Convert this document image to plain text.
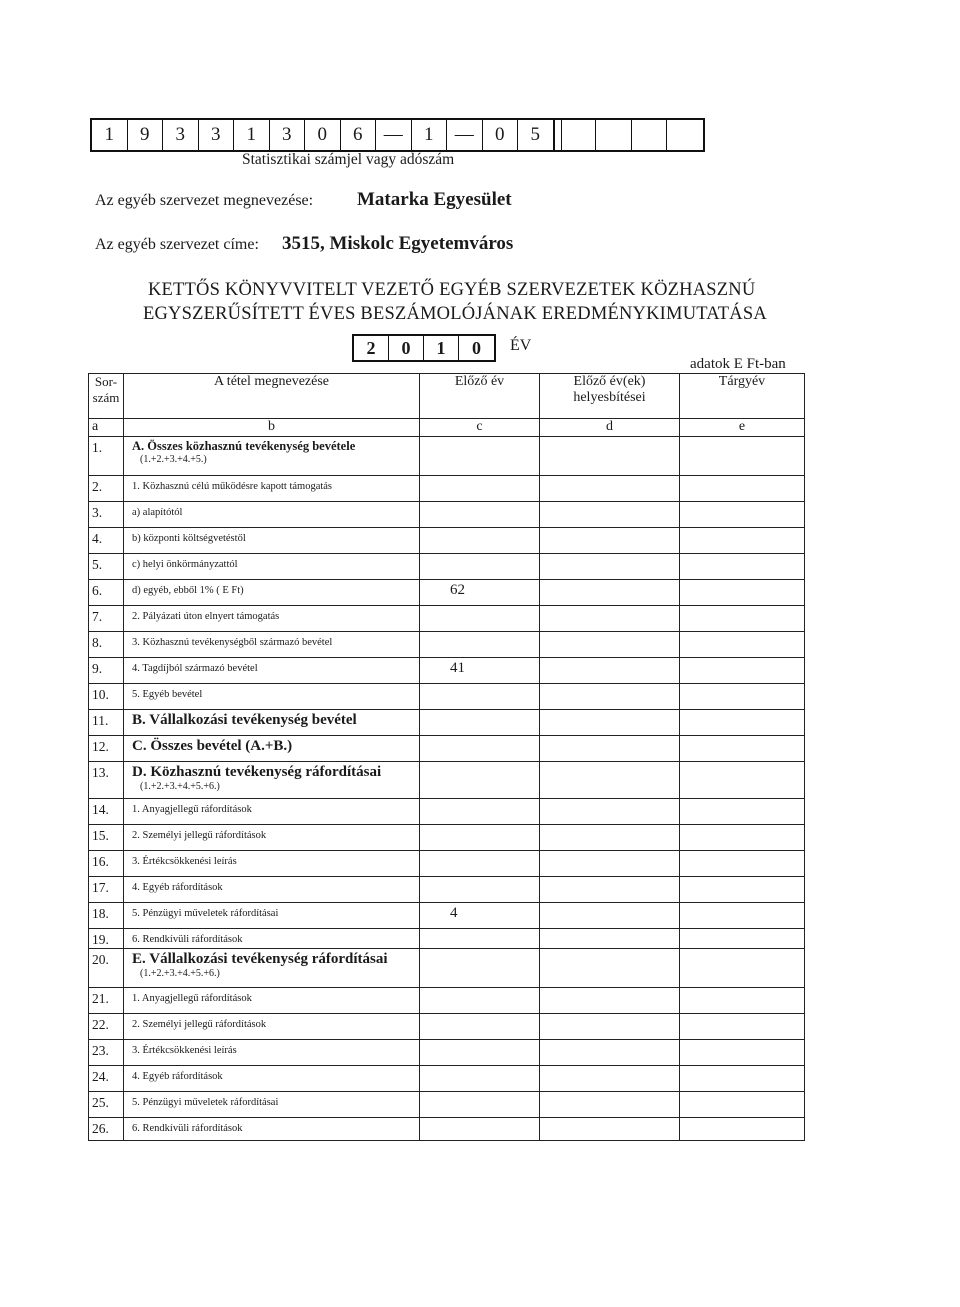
1	9	3	3	1	3	0	6	—	1	—	0	5
Statisztikai számjel vagy adószám
Az egyéb szervezet megnevezése: Matarka Egyesület
Az egyéb szervezet címe: 3515, Miskolc Egyetemváros
KETTŐS KÖNYVVITELT VEZETŐ EGYÉB SZERVEZETEK KÖZHASZNÚ
EGYSZERŰSÍTETT ÉVES BESZÁMOLÓJÁNAK EREDMÉNYKIMUTATÁSA
2	0	1	0	ÉV
adatok E Ft-ban
Sor-
szám	A tétel megnevezése	Előző év	Előző év(ek)
helyesbítései	Tárgyév
a	b	c	d	e
1.	A. Összes közhasznú tevékenység bevétele
(1.+2.+3.+4.+5.)			

2.	1. Közhasznú célú működésre kapott támogatás			
3.	a) alapítótól			
4.	b) központi költségvetéstől			
5.	c) helyi önkörmányzattól			
6.	d) egyéb, ebből 1% ( E Ft)	62		
7.	2. Pályázati úton elnyert támogatás			
8.	3. Közhasznú tevékenységből származó bevétel			
9.	4. Tagdíjból származó bevétel	41		
10.	5. Egyéb bevétel			
11.	B. Vállalkozási tevékenység bevétel			
12.	C. Összes bevétel (A.+B.)			
13.	D. Közhasznú tevékenység ráfordításai
(1.+2.+3.+4.+5.+6.)			

14.	1. Anyagjellegű ráfordítások			
15.	2. Személyi jellegű ráfordítások			
16.	3. Értékcsökkenési leírás			
17.	4. Egyéb ráfordítások			
18.	5. Pénzügyi műveletek ráfordításai	4		
19.	6. Rendkívüli ráfordítások			
20.	E. Vállalkozási tevékenység ráfordításai
(1.+2.+3.+4.+5.+6.)			

21.	1. Anyagjellegű ráfordítások			
22.	2. Személyi jellegű ráfordítások			
23.	3. Értékcsökkenési leírás			
24.	4. Egyéb ráfordítások			
25.	5. Pénzügyi műveletek ráfordításai			
26.	6. Rendkívüli ráfordítások			
